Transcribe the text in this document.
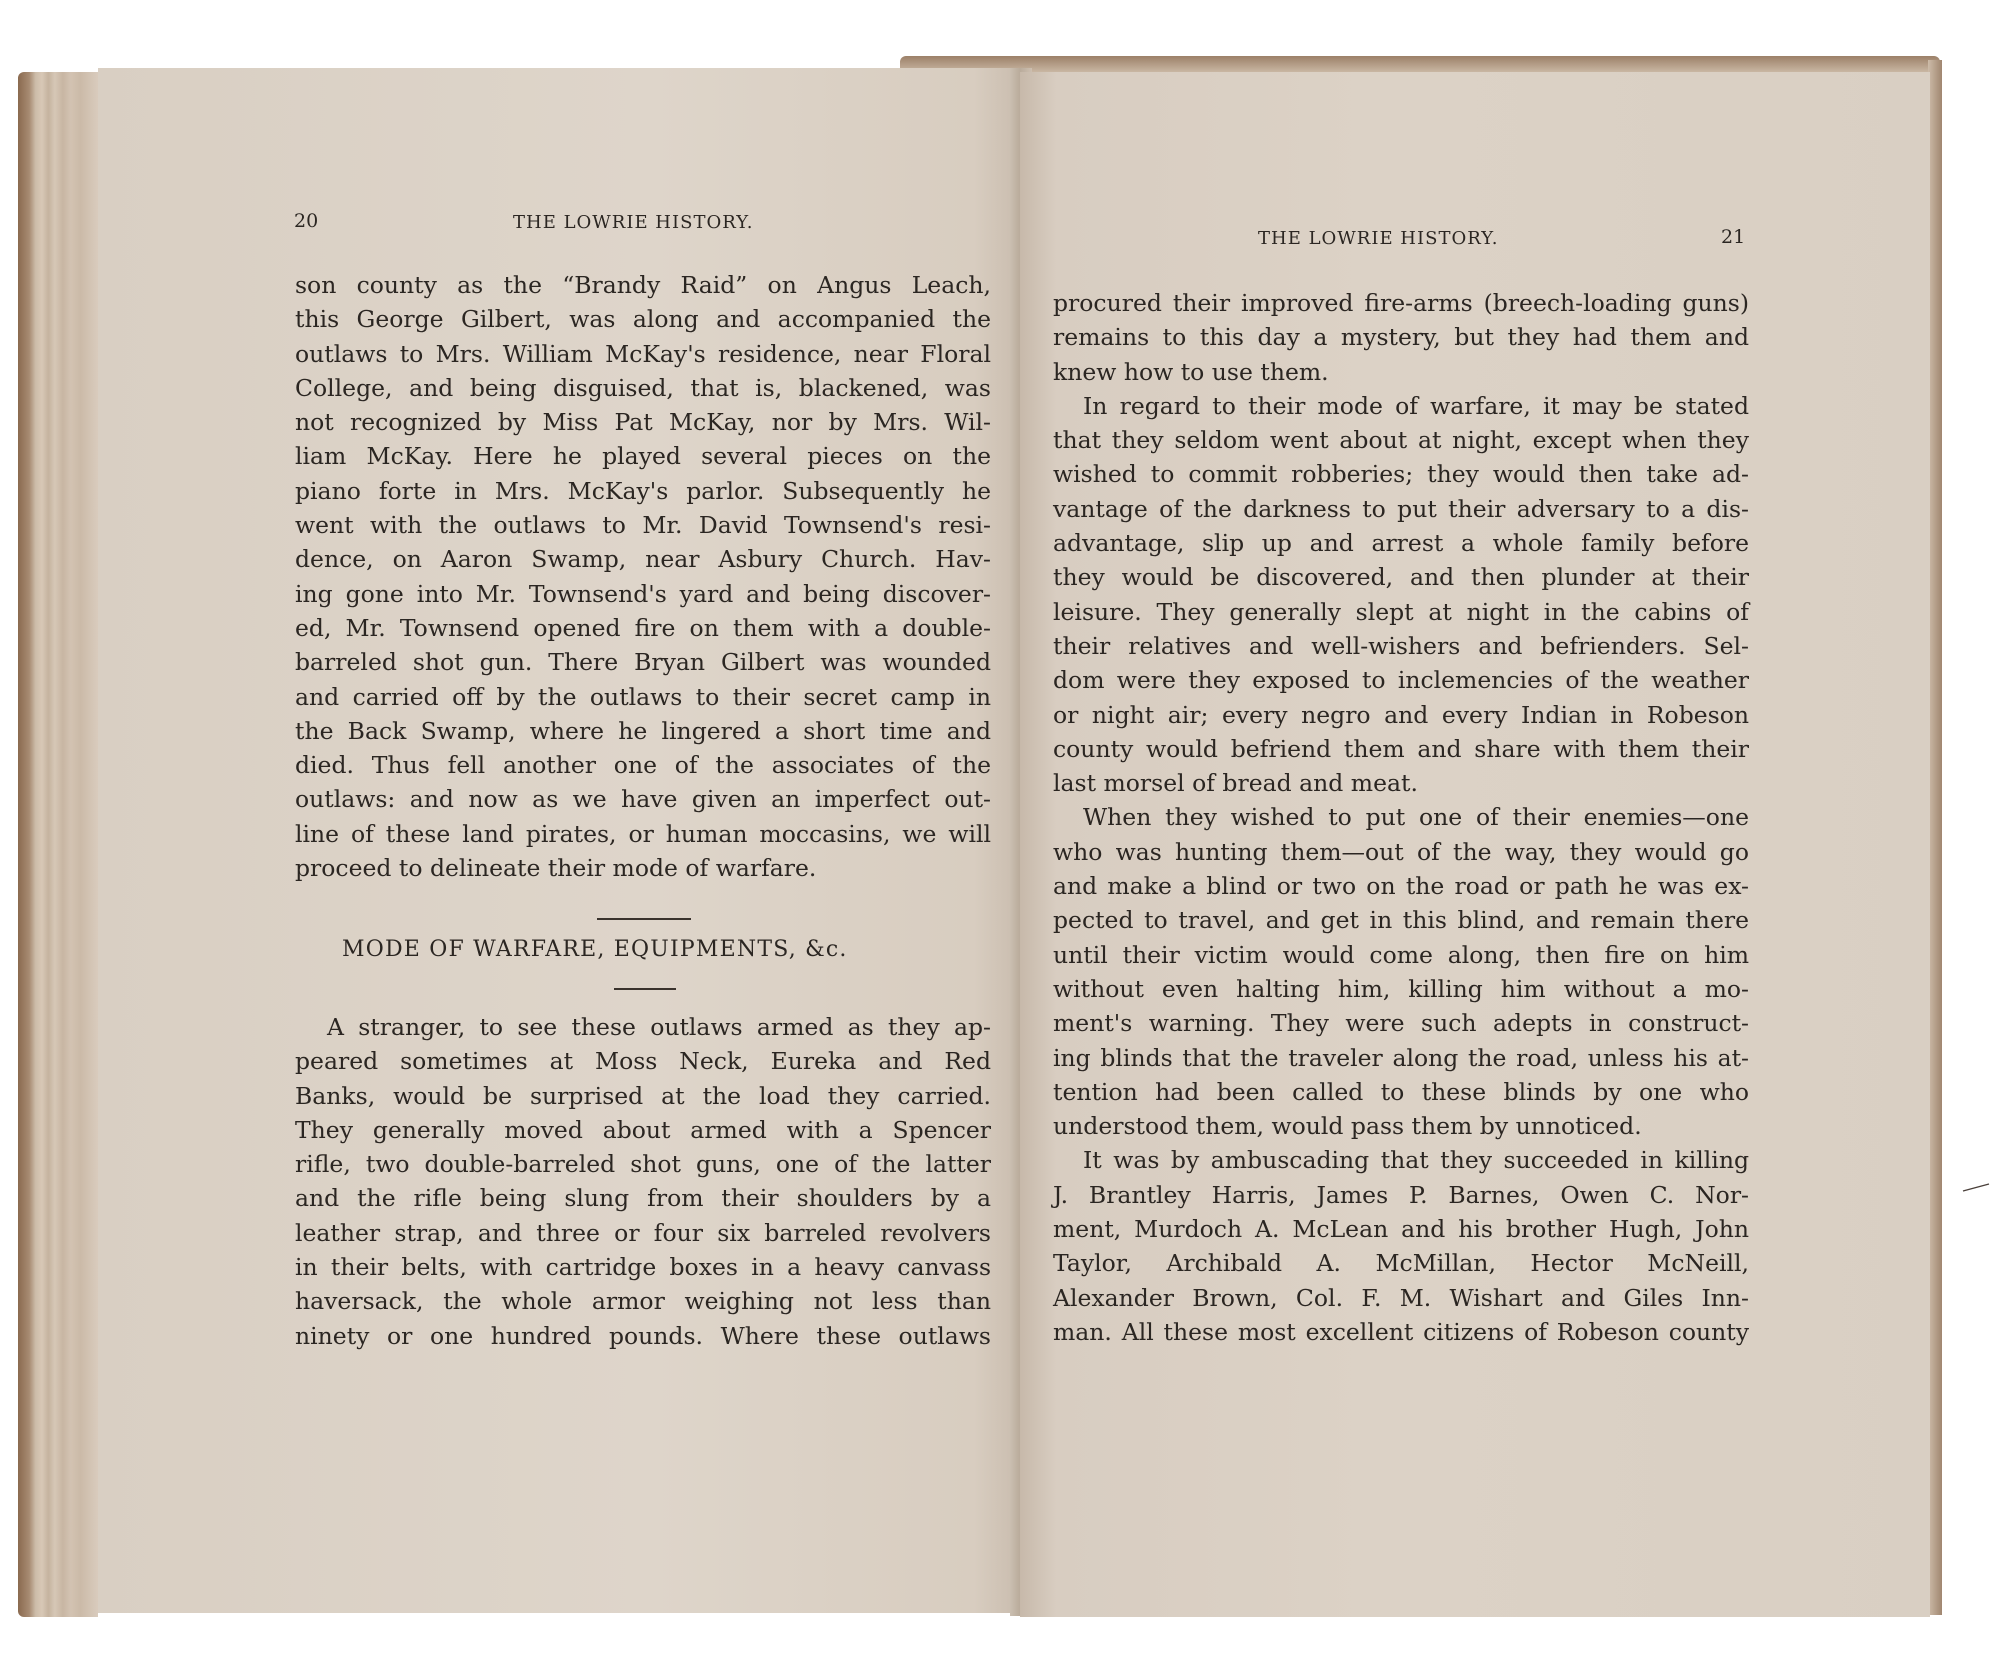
20	THE LOWRIE HISTORY.
son county as the “Brandy Raid” on Angus Leach,
this George Gilbert, was along and accompanied the
outlaws to Mrs. William McKay's residence, near Floral
College, and being disguised, that is, blackened, was
not recognized by Miss Pat McKay, nor by Mrs. Wil-
liam McKay. Here he played several pieces on the
piano forte in Mrs. McKay's parlor. Subsequently he
went with the outlaws to Mr. David Townsend's resi-
dence, on Aaron Swamp, near Asbury Church. Hav-
ing gone into Mr. Townsend's yard and being discover-
ed, Mr. Townsend opened fire on them with a double-
barreled shot gun. There Bryan Gilbert was wounded
and carried off by the outlaws to their secret camp in
the Back Swamp, where he lingered a short time and
died. Thus fell another one of the associates of the
outlaws: and now as we have given an imperfect out-
line of these land pirates, or human moccasins, we will
proceed to delineate their mode of warfare.
MODE OF WARFARE, EQUIPMENTS, &c.
A stranger, to see these outlaws armed as they ap-
peared sometimes at Moss Neck, Eureka and Red
Banks, would be surprised at the load they carried.
They generally moved about armed with a Spencer
rifle, two double-barreled shot guns, one of the latter
and the rifle being slung from their shoulders by a
leather strap, and three or four six barreled revolvers
in their belts, with cartridge boxes in a heavy canvass
haversack, the whole armor weighing not less than
ninety or one hundred pounds. Where these outlaws
THE LOWRIE HISTORY.	21
procured their improved fire-arms (breech-loading guns)
remains to this day a mystery, but they had them and
knew how to use them.
In regard to their mode of warfare, it may be stated
that they seldom went about at night, except when they
wished to commit robberies; they would then take ad-
vantage of the darkness to put their adversary to a dis-
advantage, slip up and arrest a whole family before
they would be discovered, and then plunder at their
leisure. They generally slept at night in the cabins of
their relatives and well-wishers and befrienders. Sel-
dom were they exposed to inclemencies of the weather
or night air; every negro and every Indian in Robeson
county would befriend them and share with them their
last morsel of bread and meat.
When they wished to put one of their enemies—one
who was hunting them—out of the way, they would go
and make a blind or two on the road or path he was ex-
pected to travel, and get in this blind, and remain there
until their victim would come along, then fire on him
without even halting him, killing him without a mo-
ment's warning. They were such adepts in construct-
ing blinds that the traveler along the road, unless his at-
tention had been called to these blinds by one who
understood them, would pass them by unnoticed.
It was by ambuscading that they succeeded in killing
J. Brantley Harris, James P. Barnes, Owen C. Nor-
ment, Murdoch A. McLean and his brother Hugh, John
Taylor, Archibald A. McMillan, Hector McNeill,
Alexander Brown, Col. F. M. Wishart and Giles Inn-
man. All these most excellent citizens of Robeson county
